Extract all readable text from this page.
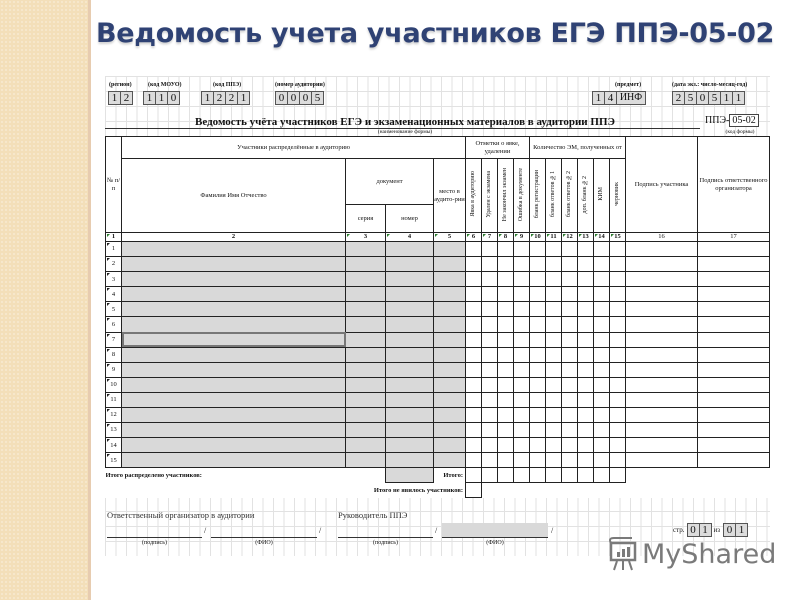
Ведомость учета участников ЕГЭ ППЭ-05-02
(регион)
1 2
(код МОУО)
1 1 0
(код ППЭ)
1 2 2 1
(номер аудитории)
0 0 0 5
(предмет)
1 4 ИНФ
(дата экз.: число-месяц-год)
2 5 0 5 1 1
Ведомость учёта участников ЕГЭ и экзаменационных материалов в аудитории ППЭ
(наименование формы)
ППЭ- 05-02
(код формы)
№ п/п	Участники распределённые в аудиторию				Отметки о явке, удалении				Количество ЭМ, полученных от						Подпись участника	Подпись ответственного организатора
	Фамилия Имя Отчество	документ		место в аудито-рии	Явка в аудиторию	Удален с экзамена	Не закончил экзамен	Ошибка в документе	бланк регистрации	бланк ответов №1	бланк ответов №2	доп. бланк №2	КИМ	черновик		
		серия	номер													

1	2	3	4	5	6	7	8	9	10	11	12	13	14	15	16	17

1																

2																

3																

4																

5																

6																

7																

8																

9																

10																

11																

12																

13																

14																

15																
Итого распределено участников:				Итого:												
Итого не явилось участников:																
Ответственный организатор в аудитории
/	/
(подпись)	(ФИО)
Руководитель ППЭ
/	/
(подпись)	(ФИО)
стр. 0 1 из 0 1
MyShared
